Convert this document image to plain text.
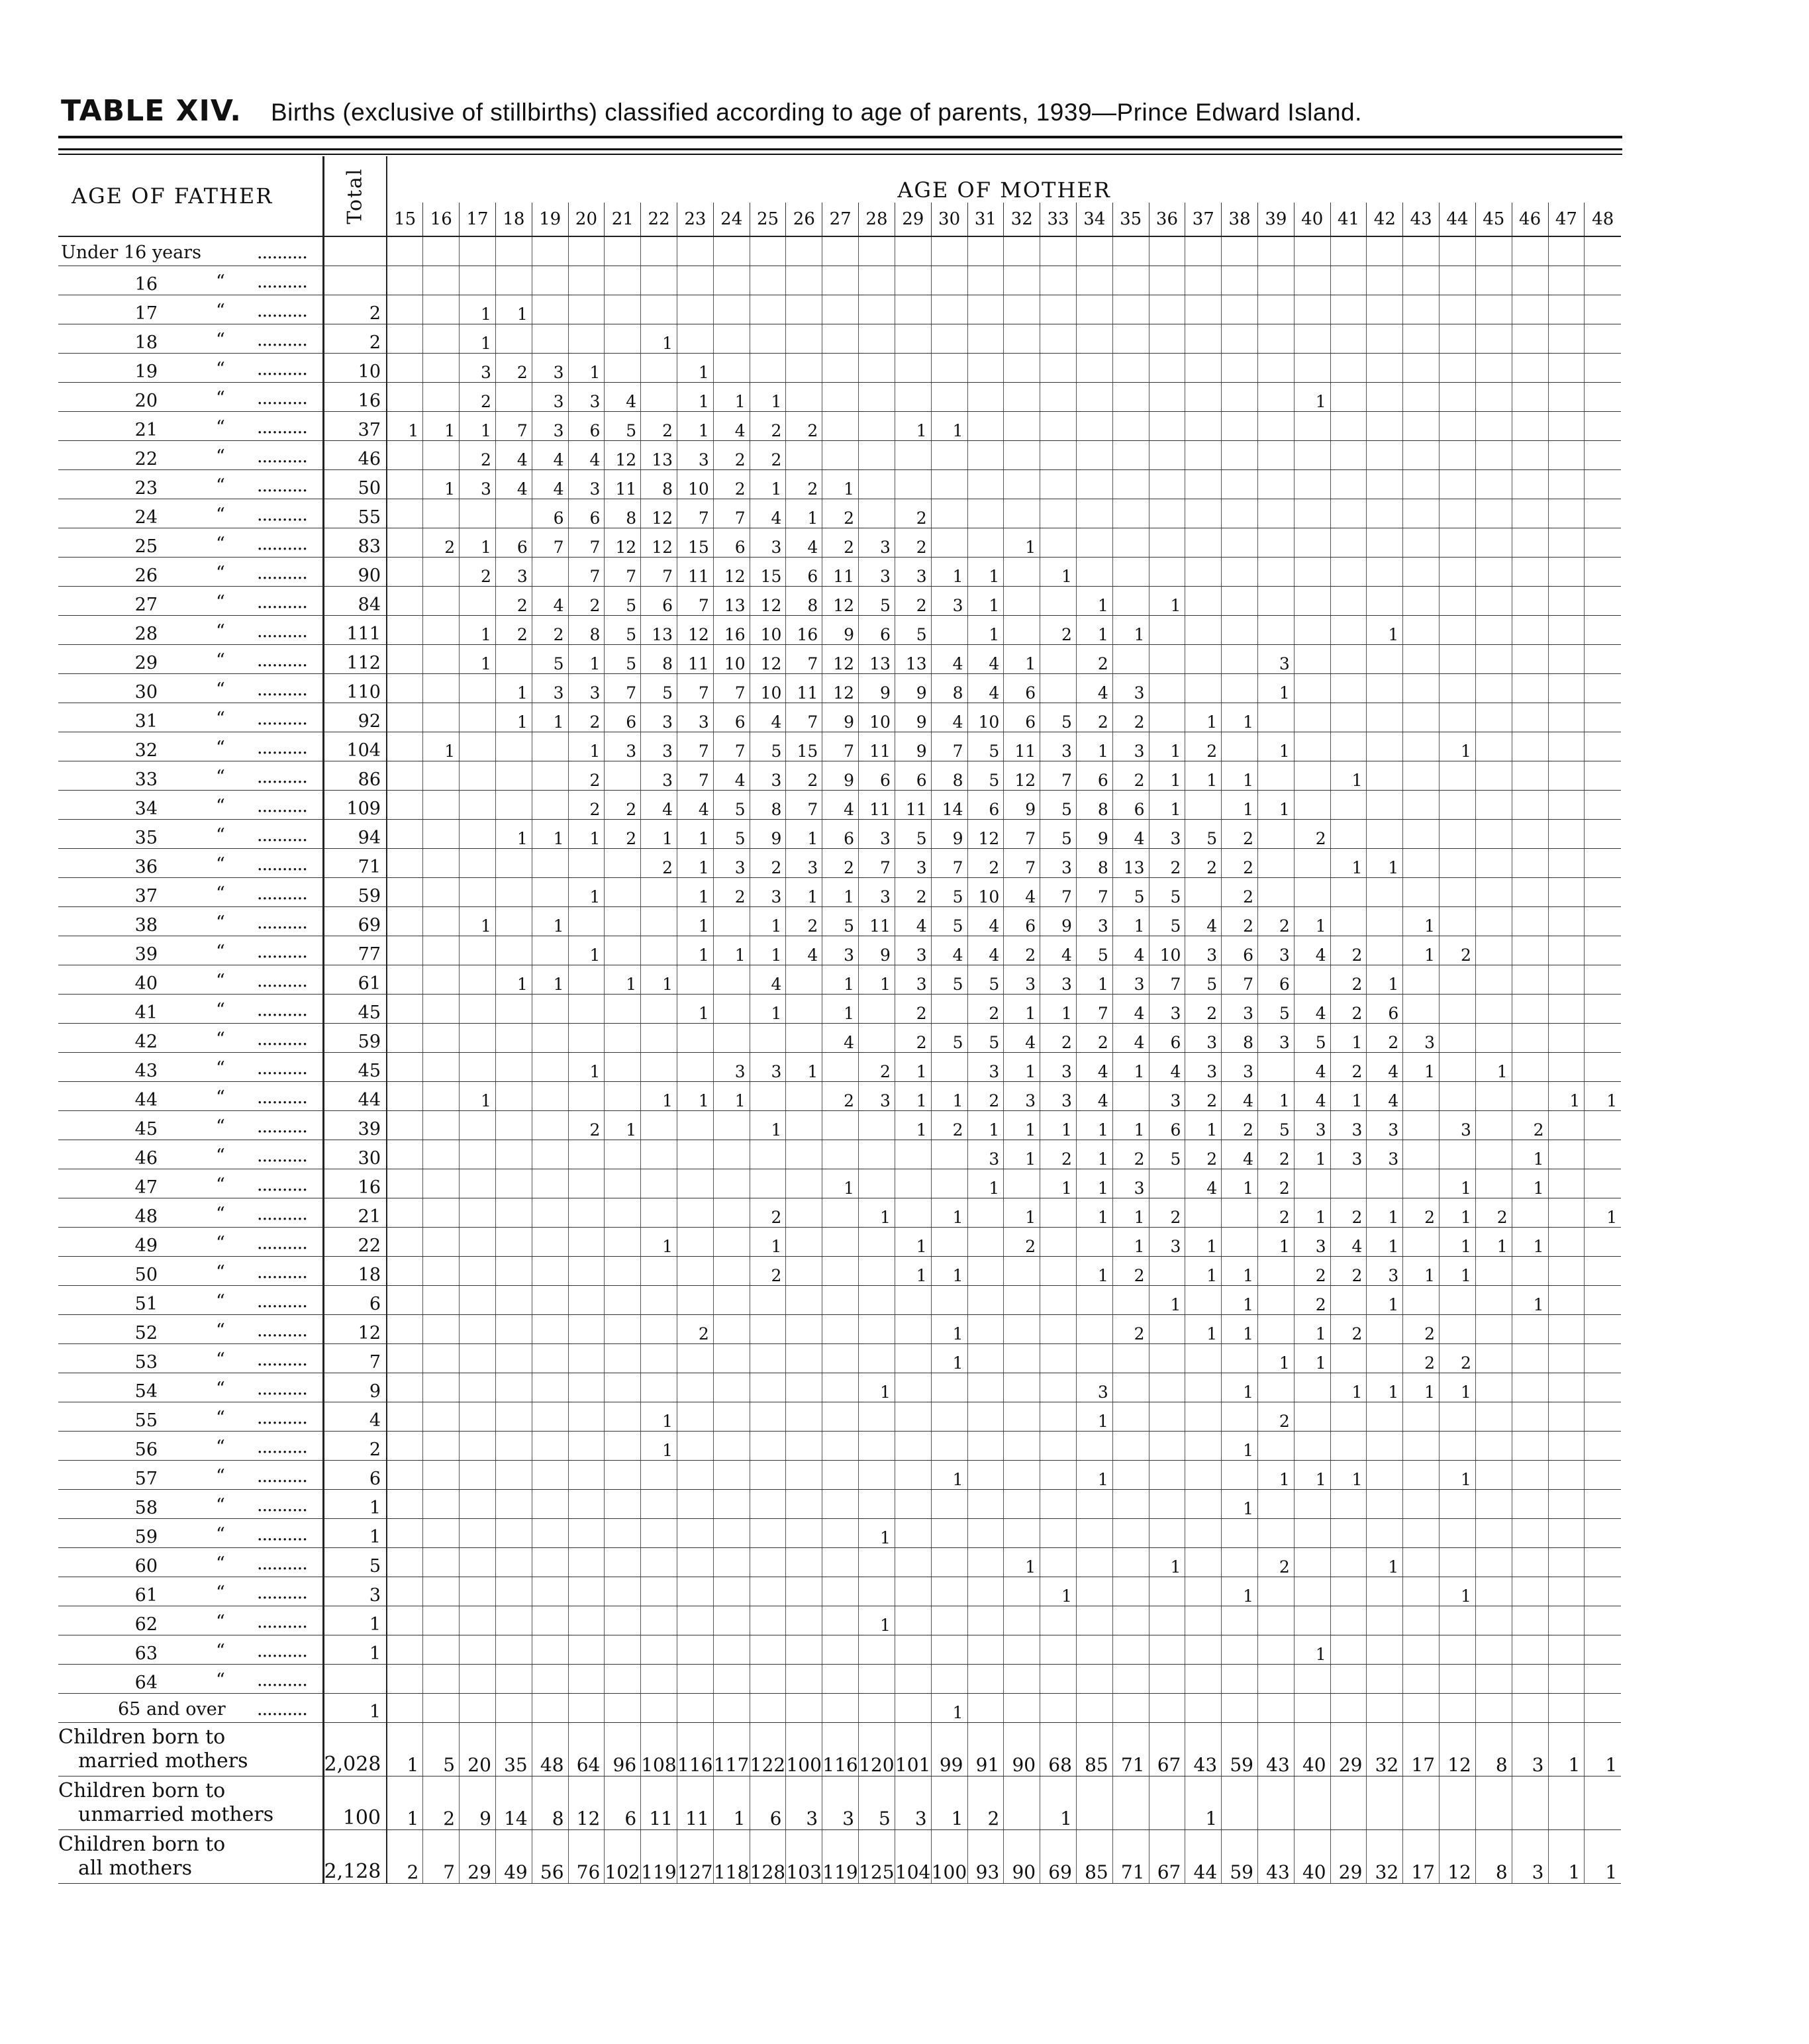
TABLE XIV. Births (exclusive of stillbirths) classified according to age of parents, 1939—Prince Edward Island.
AGE OF FATHER	Total	AGE OF MOTHER																																	
		15	16	17	18	19	20	21	22	23	24	25	26	27	28	29	30	31	32	33	34	35	36	37	38	39	40	41	42	43	44	45	46	47	48

Under 16 years ..........																																			

16 “ ..........																																			

17 “ ..........	2			1	1																														
18 “ ..........	2			1					1																										
19 “ ..........	10			3	2	3	1			1																									
20 “ ..........	16			2		3	3	4		1	1	1															1								
21 “ ..........	37	1	1	1	7	3	6	5	2	1	4	2	2			1	1																		
22 “ ..........	46			2	4	4	4	12	13	3	2	2																							
23 “ ..........	50		1	3	4	4	3	11	8	10	2	1	2	1																					
24 “ ..........	55					6	6	8	12	7	7	4	1	2		2																			
25 “ ..........	83		2	1	6	7	7	12	12	15	6	3	4	2	3	2			1																
26 “ ..........	90			2	3		7	7	7	11	12	15	6	11	3	3	1	1		1															
27 “ ..........	84				2	4	2	5	6	7	13	12	8	12	5	2	3	1			1		1												
28 “ ..........	111			1	2	2	8	5	13	12	16	10	16	9	6	5		1		2	1	1							1						
29 “ ..........	112			1		5	1	5	8	11	10	12	7	12	13	13	4	4	1		2					3									
30 “ ..........	110				1	3	3	7	5	7	7	10	11	12	9	9	8	4	6		4	3				1									
31 “ ..........	92				1	1	2	6	3	3	6	4	7	9	10	9	4	10	6	5	2	2		1	1										
32 “ ..........	104		1				1	3	3	7	7	5	15	7	11	9	7	5	11	3	1	3	1	2		1					1				
33 “ ..........	86						2		3	7	4	3	2	9	6	6	8	5	12	7	6	2	1	1	1			1							
34 “ ..........	109						2	2	4	4	5	8	7	4	11	11	14	6	9	5	8	6	1		1	1									
35 “ ..........	94				1	1	1	2	1	1	5	9	1	6	3	5	9	12	7	5	9	4	3	5	2		2								
36 “ ..........	71								2	1	3	2	3	2	7	3	7	2	7	3	8	13	2	2	2			1	1						
37 “ ..........	59						1			1	2	3	1	1	3	2	5	10	4	7	7	5	5		2										
38 “ ..........	69			1		1				1		1	2	5	11	4	5	4	6	9	3	1	5	4	2	2	1			1					
39 “ ..........	77						1			1	1	1	4	3	9	3	4	4	2	4	5	4	10	3	6	3	4	2		1	2				
40 “ ..........	61				1	1		1	1			4		1	1	3	5	5	3	3	1	3	7	5	7	6		2	1						
41 “ ..........	45									1		1		1		2		2	1	1	7	4	3	2	3	5	4	2	6						
42 “ ..........	59													4		2	5	5	4	2	2	4	6	3	8	3	5	1	2	3					
43 “ ..........	45						1				3	3	1		2	1		3	1	3	4	1	4	3	3		4	2	4	1		1			
44 “ ..........	44			1					1	1	1			2	3	1	1	2	3	3	4		3	2	4	1	4	1	4					1	1
45 “ ..........	39						2	1				1				1	2	1	1	1	1	1	6	1	2	5	3	3	3		3		2		
46 “ ..........	30																	3	1	2	1	2	5	2	4	2	1	3	3				1		
47 “ ..........	16													1				1		1	1	3		4	1	2					1		1		
48 “ ..........	21											2			1		1		1		1	1	2			2	1	2	1	2	1	2			1
49 “ ..........	22								1			1				1			2			1	3	1		1	3	4	1		1	1	1		
50 “ ..........	18											2				1	1				1	2		1	1		2	2	3	1	1				
51 “ ..........	6																						1		1		2		1				1		
52 “ ..........	12									2							1					2		1	1		1	2		2					
53 “ ..........	7																1									1	1			2	2				
54 “ ..........	9														1						3				1			1	1	1	1				
55 “ ..........	4								1												1					2									
56 “ ..........	2								1																1										
57 “ ..........	6																1				1					1	1	1			1				
58 “ ..........	1																								1										
59 “ ..........	1														1																				
60 “ ..........	5																		1				1			2			1						
61 “ ..........	3																			1					1						1				
62 “ ..........	1														1																				
63 “ ..........	1																										1								
64 “ ..........																																			

65 and over ..........	1																1																		

Children born to
married mothers	2,028	1	5	20	35	48	64	96	108	116	117	122	100	116	120	101	99	91	90	68	85	71	67	43	59	43	40	29	32	17	12	8	3	1	1

Children born to
unmarried mothers	100	1	2	9	14	8	12	6	11	11	1	6	3	3	5	3	1	2		1				1											

Children born to
all mothers	2,128	2	7	29	49	56	76	102	119	127	118	128	103	119	125	104	100	93	90	69	85	71	67	44	59	43	40	29	32	17	12	8	3	1	1
